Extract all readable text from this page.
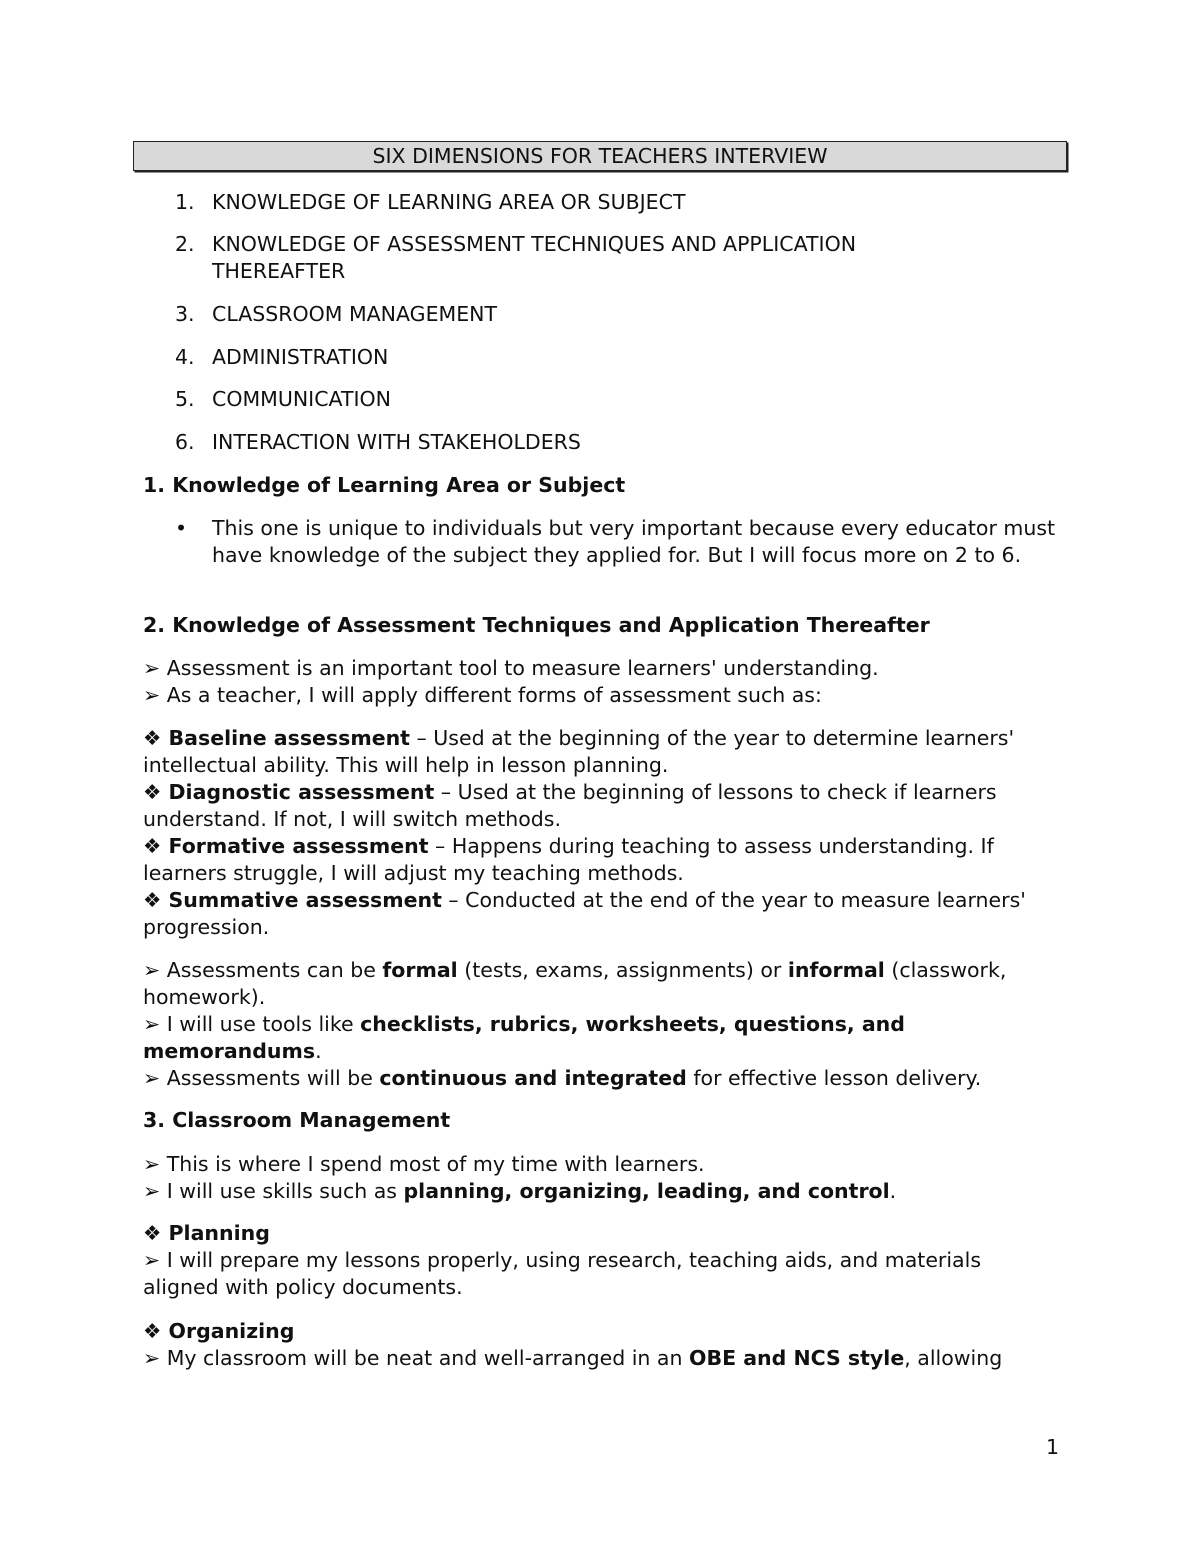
SIX DIMENSIONS FOR TEACHERS INTERVIEW
1. KNOWLEDGE OF LEARNING AREA OR SUBJECT
2. KNOWLEDGE OF ASSESSMENT TECHNIQUES AND APPLICATION
THEREAFTER
3. CLASSROOM MANAGEMENT
4. ADMINISTRATION
5. COMMUNICATION
6. INTERACTION WITH STAKEHOLDERS
1. Knowledge of Learning Area or Subject
• This one is unique to individuals but very important because every educator must have knowledge of the subject they applied for. But I will focus more on 2 to 6.
2. Knowledge of Assessment Techniques and Application Thereafter
➢ Assessment is an important tool to measure learners' understanding.
➢ As a teacher, I will apply different forms of assessment such as:
❖ Baseline assessment – Used at the beginning of the year to determine learners' intellectual ability. This will help in lesson planning.
❖ Diagnostic assessment – Used at the beginning of lessons to check if learners understand. If not, I will switch methods.
❖ Formative assessment – Happens during teaching to assess understanding. If learners struggle, I will adjust my teaching methods.
❖ Summative assessment – Conducted at the end of the year to measure learners' progression.
➢ Assessments can be formal (tests, exams, assignments) or informal (classwork, homework).
➢ I will use tools like checklists, rubrics, worksheets, questions, and memorandums.
➢ Assessments will be continuous and integrated for effective lesson delivery.
3. Classroom Management
➢ This is where I spend most of my time with learners.
➢ I will use skills such as planning, organizing, leading, and control.
❖ Planning
➢ I will prepare my lessons properly, using research, teaching aids, and materials aligned with policy documents.
❖ Organizing
➢ My classroom will be neat and well-arranged in an OBE and NCS style, allowing
1
